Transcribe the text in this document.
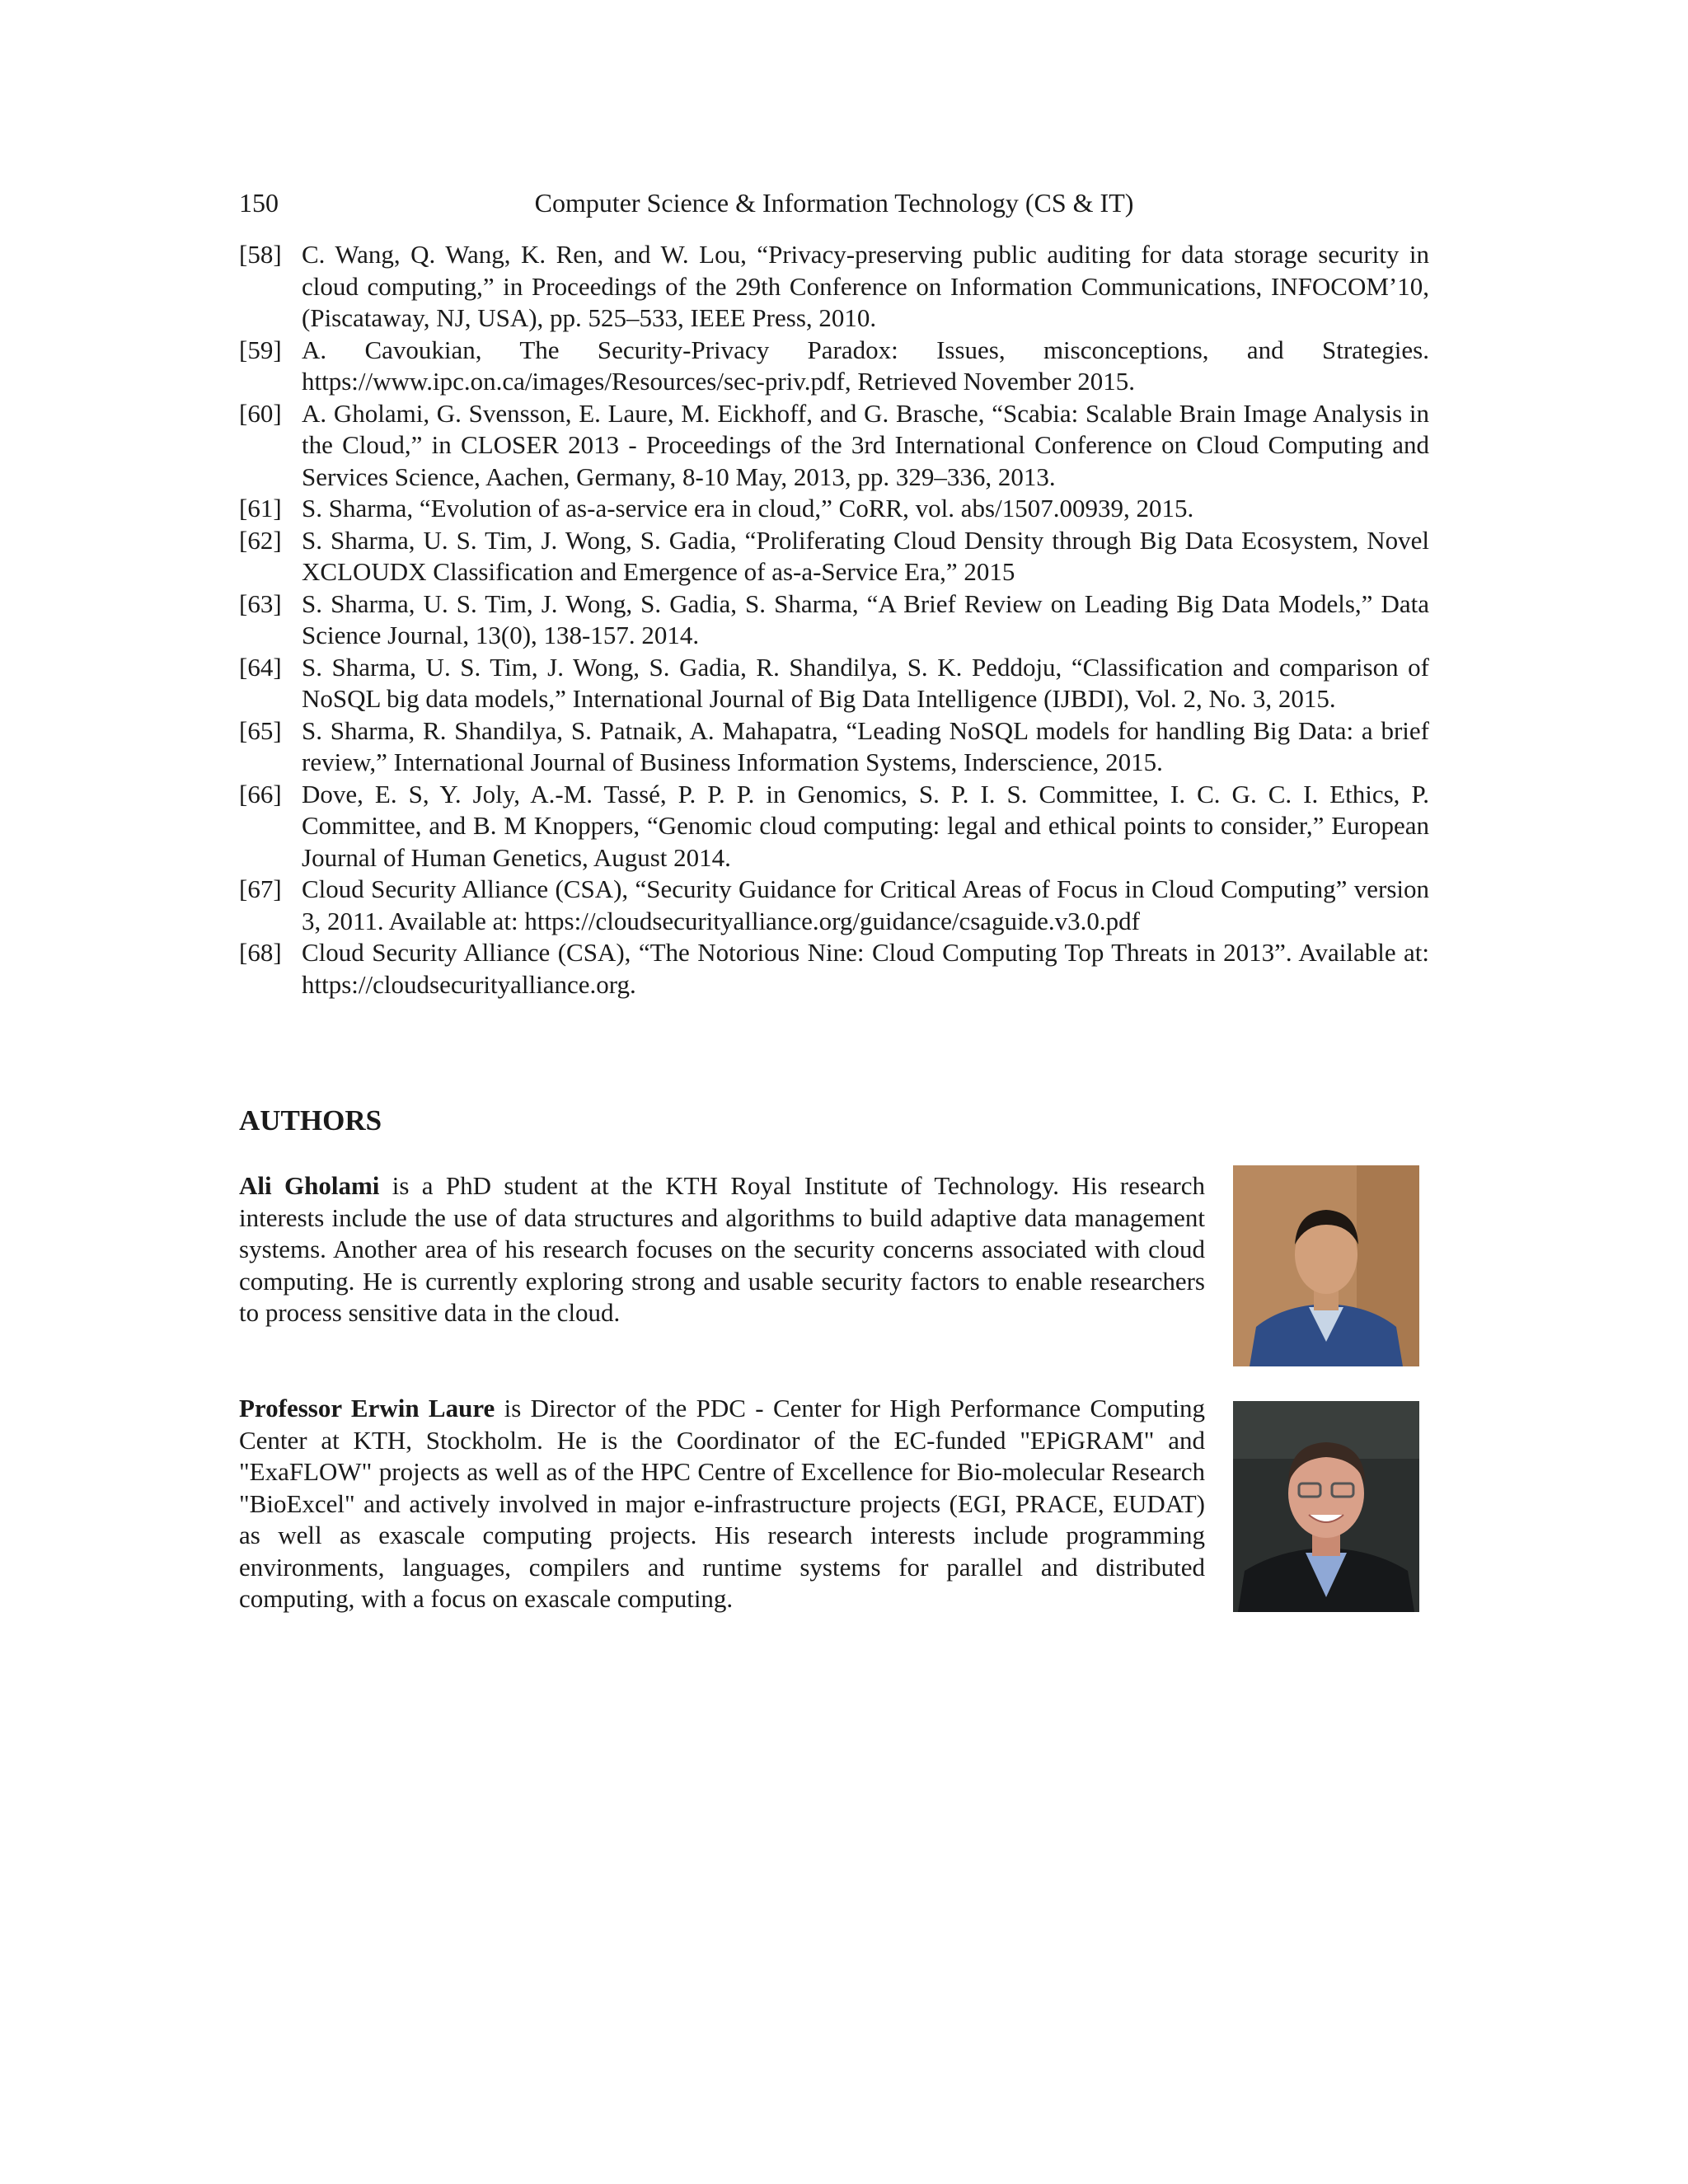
150	Computer Science & Information Technology (CS & IT)
[58] C. Wang, Q. Wang, K. Ren, and W. Lou, “Privacy-preserving public auditing for data storage security in cloud computing,” in Proceedings of the 29th Conference on Information Communications, INFOCOM’10, (Piscataway, NJ, USA), pp. 525–533, IEEE Press, 2010.
[59] A. Cavoukian, The Security-Privacy Paradox: Issues, misconceptions, and Strategies. https://www.ipc.on.ca/images/Resources/sec-priv.pdf, Retrieved November 2015.
[60] A. Gholami, G. Svensson, E. Laure, M. Eickhoff, and G. Brasche, “Scabia: Scalable Brain Image Analysis in the Cloud,” in CLOSER 2013 - Proceedings of the 3rd International Conference on Cloud Computing and Services Science, Aachen, Germany, 8-10 May, 2013, pp. 329–336, 2013.
[61] S. Sharma, “Evolution of as-a-service era in cloud,” CoRR, vol. abs/1507.00939, 2015.
[62] S. Sharma, U. S. Tim, J. Wong, S. Gadia, “Proliferating Cloud Density through Big Data Ecosystem, Novel XCLOUDX Classification and Emergence of as-a-Service Era,” 2015
[63] S. Sharma, U. S. Tim, J. Wong, S. Gadia, S. Sharma, “A Brief Review on Leading Big Data Models,” Data Science Journal, 13(0), 138-157. 2014.
[64] S. Sharma, U. S. Tim, J. Wong, S. Gadia, R. Shandilya, S. K. Peddoju, “Classification and comparison of NoSQL big data models,” International Journal of Big Data Intelligence (IJBDI), Vol. 2, No. 3, 2015.
[65] S. Sharma, R. Shandilya, S. Patnaik, A. Mahapatra, “Leading NoSQL models for handling Big Data: a brief review,” International Journal of Business Information Systems, Inderscience, 2015.
[66] Dove, E. S, Y. Joly, A.-M. Tassé, P. P. P. in Genomics, S. P. I. S. Committee, I. C. G. C. I. Ethics, P. Committee, and B. M Knoppers, “Genomic cloud computing: legal and ethical points to consider,” European Journal of Human Genetics, August 2014.
[67] Cloud Security Alliance (CSA), “Security Guidance for Critical Areas of Focus in Cloud Computing” version 3, 2011. Available at: https://cloudsecurityalliance.org/guidance/csaguide.v3.0.pdf
[68] Cloud Security Alliance (CSA), “The Notorious Nine: Cloud Computing Top Threats in 2013”. Available at: https://cloudsecurityalliance.org.
AUTHORS
Ali Gholami is a PhD student at the KTH Royal Institute of Technology. His research interests include the use of data structures and algorithms to build adaptive data management systems. Another area of his research focuses on the security concerns associated with cloud computing. He is currently exploring strong and usable security factors to enable researchers to process sensitive data in the cloud.
Professor Erwin Laure is Director of the PDC - Center for High Performance Computing Center at KTH, Stockholm. He is the Coordinator of the EC-funded "EPiGRAM" and "ExaFLOW" projects as well as of the HPC Centre of Excellence for Bio-molecular Research "BioExcel" and actively involved in major e-infrastructure projects (EGI, PRACE, EUDAT) as well as exascale computing projects. His research interests include programming environments, languages, compilers and runtime systems for parallel and distributed computing, with a focus on exascale computing.
